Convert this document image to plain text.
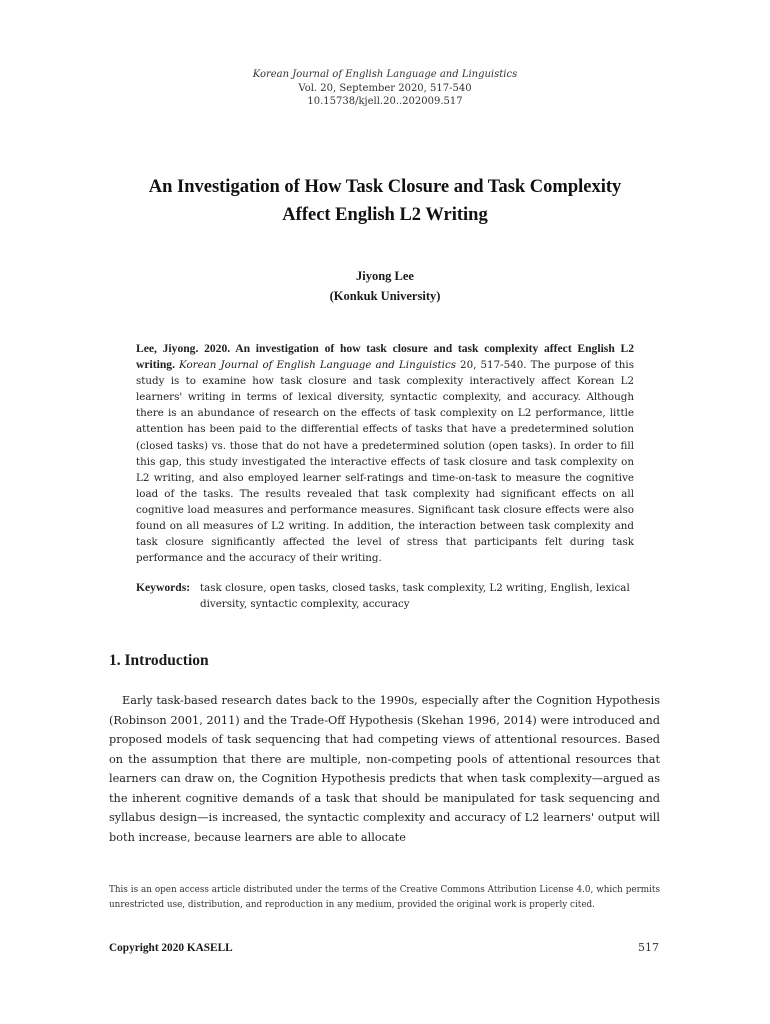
Korean Journal of English Language and Linguistics
Vol. 20, September 2020, 517-540
10.15738/kjell.20..202009.517
An Investigation of How Task Closure and Task Complexity
Affect English L2 Writing
Jiyong Lee
(Konkuk University)
Lee, Jiyong. 2020. An investigation of how task closure and task complexity affect English L2 writing. Korean Journal of English Language and Linguistics 20, 517-540. The purpose of this study is to examine how task closure and task complexity interactively affect Korean L2 learners' writing in terms of lexical diversity, syntactic complexity, and accuracy. Although there is an abundance of research on the effects of task complexity on L2 performance, little attention has been paid to the differential effects of tasks that have a predetermined solution (closed tasks) vs. those that do not have a predetermined solution (open tasks). In order to fill this gap, this study investigated the interactive effects of task closure and task complexity on L2 writing, and also employed learner self-ratings and time-on-task to measure the cognitive load of the tasks. The results revealed that task complexity had significant effects on all cognitive load measures and performance measures. Significant task closure effects were also found on all measures of L2 writing. In addition, the interaction between task complexity and task closure significantly affected the level of stress that participants felt during task performance and the accuracy of their writing.
Keywords: task closure, open tasks, closed tasks, task complexity, L2 writing, English, lexical diversity, syntactic complexity, accuracy
1. Introduction
Early task-based research dates back to the 1990s, especially after the Cognition Hypothesis (Robinson 2001, 2011) and the Trade-Off Hypothesis (Skehan 1996, 2014) were introduced and proposed models of task sequencing that had competing views of attentional resources. Based on the assumption that there are multiple, non-competing pools of attentional resources that learners can draw on, the Cognition Hypothesis predicts that when task complexity—argued as the inherent cognitive demands of a task that should be manipulated for task sequencing and syllabus design—is increased, the syntactic complexity and accuracy of L2 learners' output will both increase, because learners are able to allocate
This is an open access article distributed under the terms of the Creative Commons Attribution License 4.0, which permits unrestricted use, distribution, and reproduction in any medium, provided the original work is properly cited.
Copyright 2020 KASELL	517
